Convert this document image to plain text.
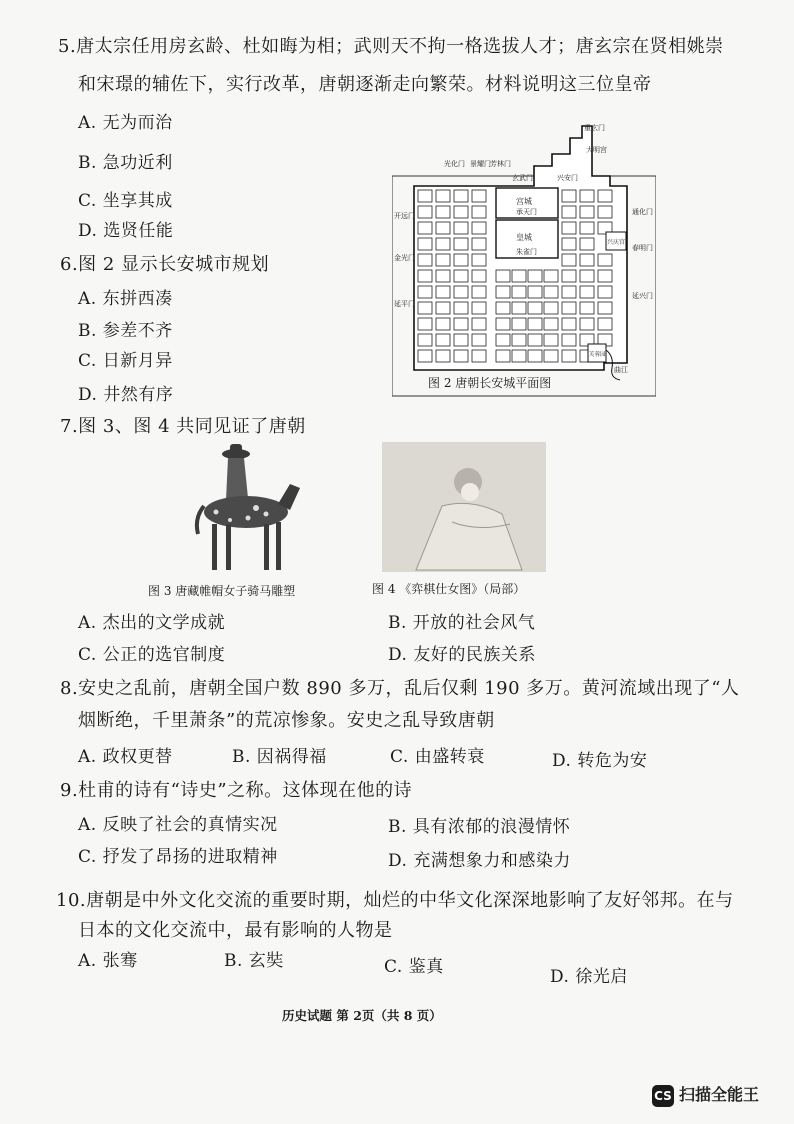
5.唐太宗任用房玄龄、杜如晦为相；武则天不拘一格选拔人才；唐玄宗在贤相姚崇
和宋璟的辅佐下，实行改革，唐朝逐渐走向繁荣。材料说明这三位皇帝
A. 无为而治
B. 急功近利
C. 坐享其成
D. 选贤任能
6.图 2 显示长安城市规划
A. 东拼西凑
B. 参差不齐
C. 日新月异
D. 井然有序
光化门 景耀门 芳林门
玄武门	兴安门
重玄门
大明宫
宫城
承天门
皇城
朱雀门
开远门
金光门
延平门
通化门
春明门
延兴门
兴庆宫
芙蓉园
曲江
图 2 唐朝长安城平面图
7.图 3、图 4 共同见证了唐朝
图 3 唐藏帷帽女子骑马雕塑	图 4 《弈棋仕女图》（局部）
A. 杰出的文学成就	B. 开放的社会风气
C. 公正的选官制度	D. 友好的民族关系
8.安史之乱前，唐朝全国户数 890 多万，乱后仅剩 190 多万。黄河流域出现了“人
烟断绝，千里萧条”的荒凉惨象。安史之乱导致唐朝
A. 政权更替	B. 因祸得福	C. 由盛转衰	D. 转危为安
9.杜甫的诗有“诗史”之称。这体现在他的诗
A. 反映了社会的真情实况	B. 具有浓郁的浪漫情怀
C. 抒发了昂扬的进取精神	D. 充满想象力和感染力
10.唐朝是中外文化交流的重要时期，灿烂的中华文化深深地影响了友好邻邦。在与
日本的文化交流中，最有影响的人物是
A. 张骞	B. 玄奘	C. 鉴真	D. 徐光启
历史试题 第 2页（共 8 页）
CS 扫描全能王
